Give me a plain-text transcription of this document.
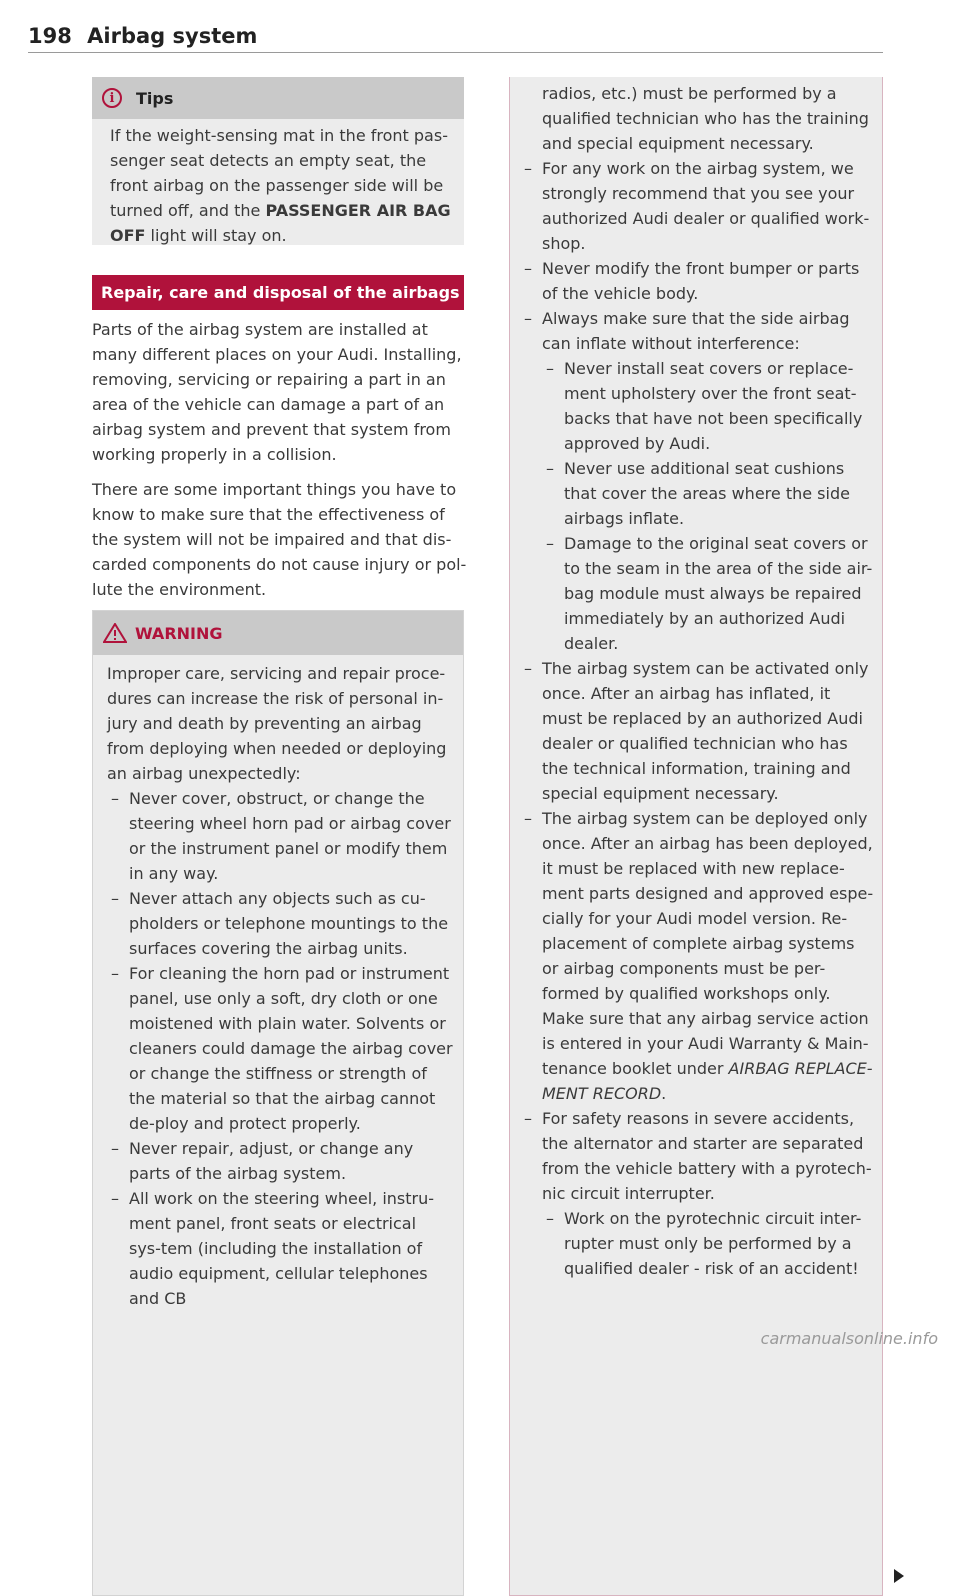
198 Airbag system
i	Tips
If the weight-sensing mat in the front pas-senger seat detects an empty seat, the front airbag on the passenger side will be turned off, and the PASSENGER AIR BAG OFF light will stay on.
Repair, care and disposal of the airbags

Parts of the airbag system are installed at many different places on your Audi. Installing, removing, servicing or repairing a part in an area of the vehicle can damage a part of an airbag system and prevent that system from working properly in a collision.

There are some important things you have to know to make sure that the effectiveness of the system will not be impaired and that dis-carded components do not cause injury or pol-lute the environment.

WARNING

Improper care, servicing and repair proce-dures can increase the risk of personal in-jury and death by preventing an airbag from deploying when needed or deploying an airbag unexpectedly:

– Never cover, obstruct, or change the steering wheel horn pad or airbag cover or the instrument panel or modify them in any way.
– Never attach any objects such as cu-pholders or telephone mountings to the surfaces covering the airbag units.
– For cleaning the horn pad or instrument panel, use only a soft, dry cloth or one moistened with plain water. Solvents or cleaners could damage the airbag cover or change the stiffness or strength of the material so that the airbag cannot de-ploy and protect properly.
– Never repair, adjust, or change any parts of the airbag system.
– All work on the steering wheel, instru-ment panel, front seats or electrical sys-tem (including the installation of audio equipment, cellular telephones and CB
radios, etc.) must be performed by a qualified technician who has the training and special equipment necessary.
– For any work on the airbag system, we strongly recommend that you see your authorized Audi dealer or qualified work-shop.
– Never modify the front bumper or parts of the vehicle body.
– Always make sure that the side airbag can inflate without interference:
– Never install seat covers or replace-ment upholstery over the front seat-backs that have not been specifically approved by Audi.
– Never use additional seat cushions that cover the areas where the side airbags inflate.
– Damage to the original seat covers or to the seam in the area of the side air-bag module must always be repaired immediately by an authorized Audi dealer.
– The airbag system can be activated only once. After an airbag has inflated, it must be replaced by an authorized Audi dealer or qualified technician who has the technical information, training and special equipment necessary.
– The airbag system can be deployed only once. After an airbag has been deployed, it must be replaced with new replace-ment parts designed and approved espe-cially for your Audi model version. Re-placement of complete airbag systems or airbag components must be per-formed by qualified workshops only. Make sure that any airbag service action is entered in your Audi Warranty & Main-tenance booklet under AIRBAG REPLACE-MENT RECORD.
– For safety reasons in severe accidents, the alternator and starter are separated from the vehicle battery with a pyrotech-nic circuit interrupter.
– Work on the pyrotechnic circuit inter-rupter must only be performed by a qualified dealer - risk of an accident!
carmanualsonline.info
